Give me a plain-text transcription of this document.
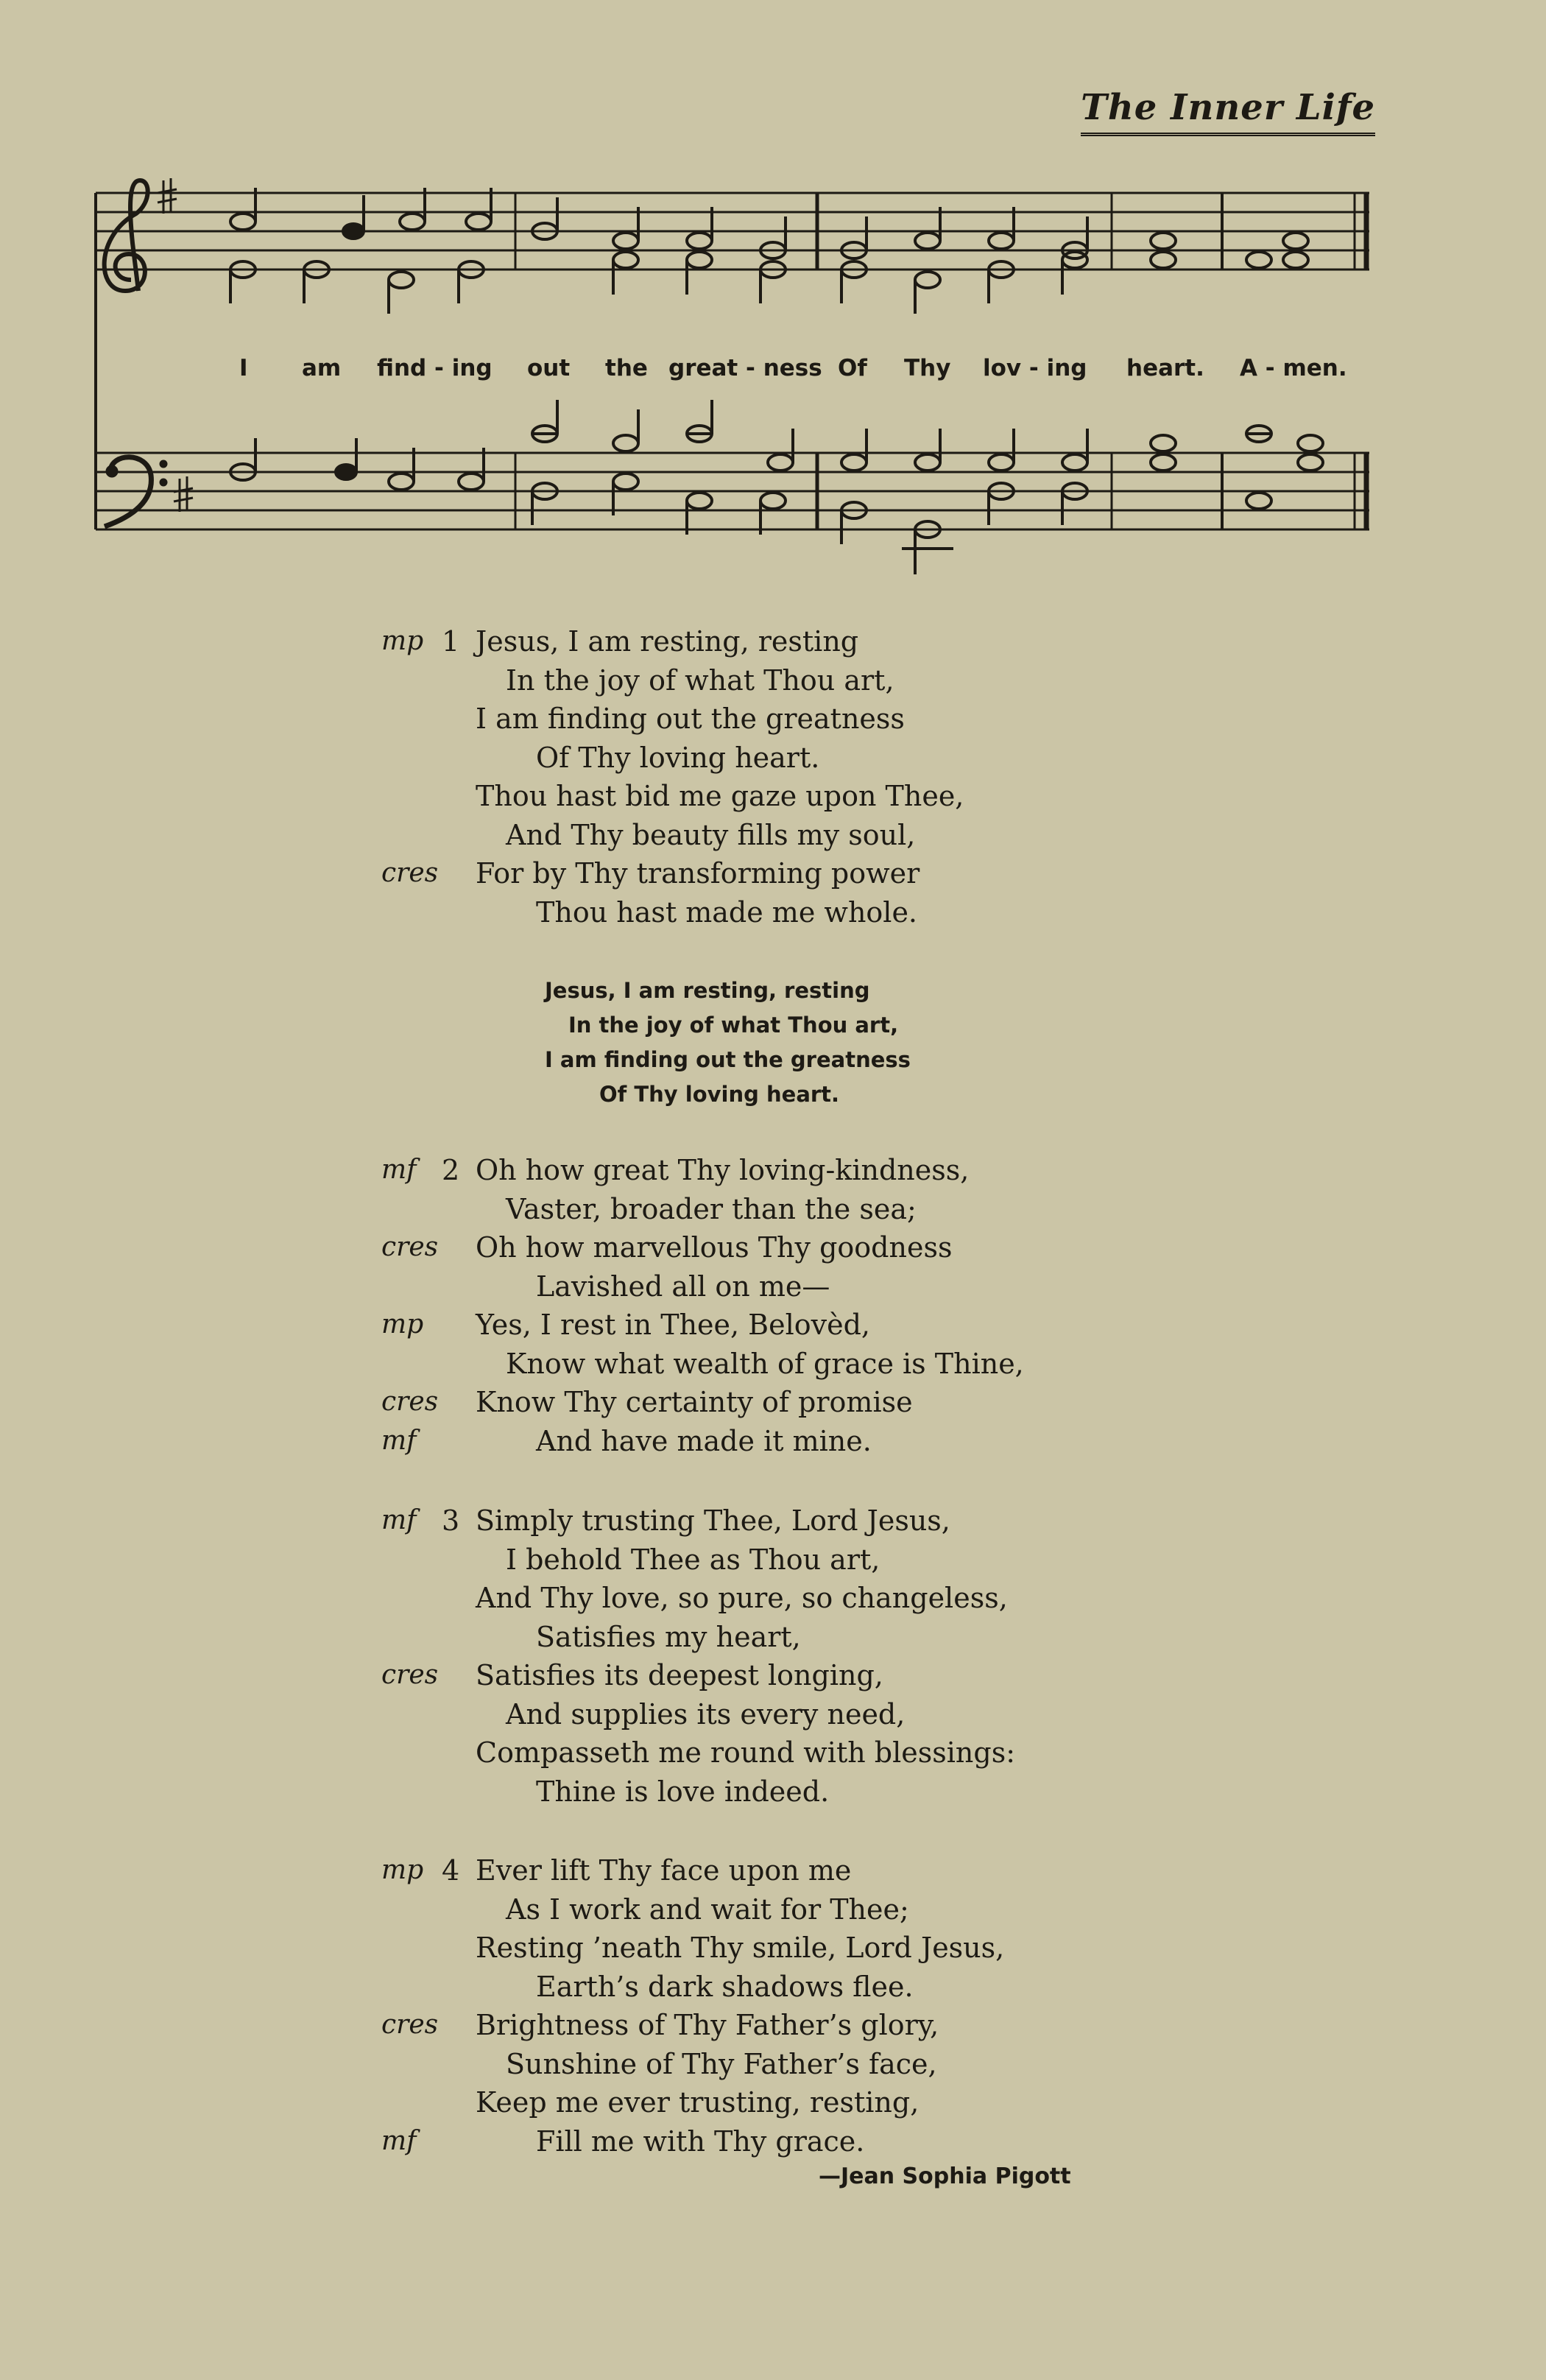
The Inner Life
I am find - ing out the great - ness Of Thy lov - ing heart. A - men.
1
mp Jesus, I am resting, resting
In the joy of what Thou art,
I am finding out the greatness
Of Thy loving heart.
Thou hast bid me gaze upon Thee,
And Thy beauty fills my soul,
cres For by Thy transforming power
Thou hast made me whole.
2
mf Oh how great Thy loving-kindness,
Vaster, broader than the sea;
cres Oh how marvellous Thy goodness
Lavished all on me—
mp Yes, I rest in Thee, Belovèd,
Know what wealth of grace is Thine,
cres Know Thy certainty of promise
mf	And have made it mine.
3
mf Simply trusting Thee, Lord Jesus,
I behold Thee as Thou art,
And Thy love, so pure, so changeless,
Satisfies my heart,
cres Satisfies its deepest longing,
And supplies its every need,
Compasseth me round with blessings:
Thine is love indeed.
4
mp Ever lift Thy face upon me
As I work and wait for Thee;
Resting ’neath Thy smile, Lord Jesus,
Earth’s dark shadows flee.
cres Brightness of Thy Father’s glory,
Sunshine of Thy Father’s face,
Keep me ever trusting, resting,
mf	Fill me with Thy grace.
Jesus, I am resting, resting
In the joy of what Thou art,
I am finding out the greatness
Of Thy loving heart.
—Jean Sophia Pigott
